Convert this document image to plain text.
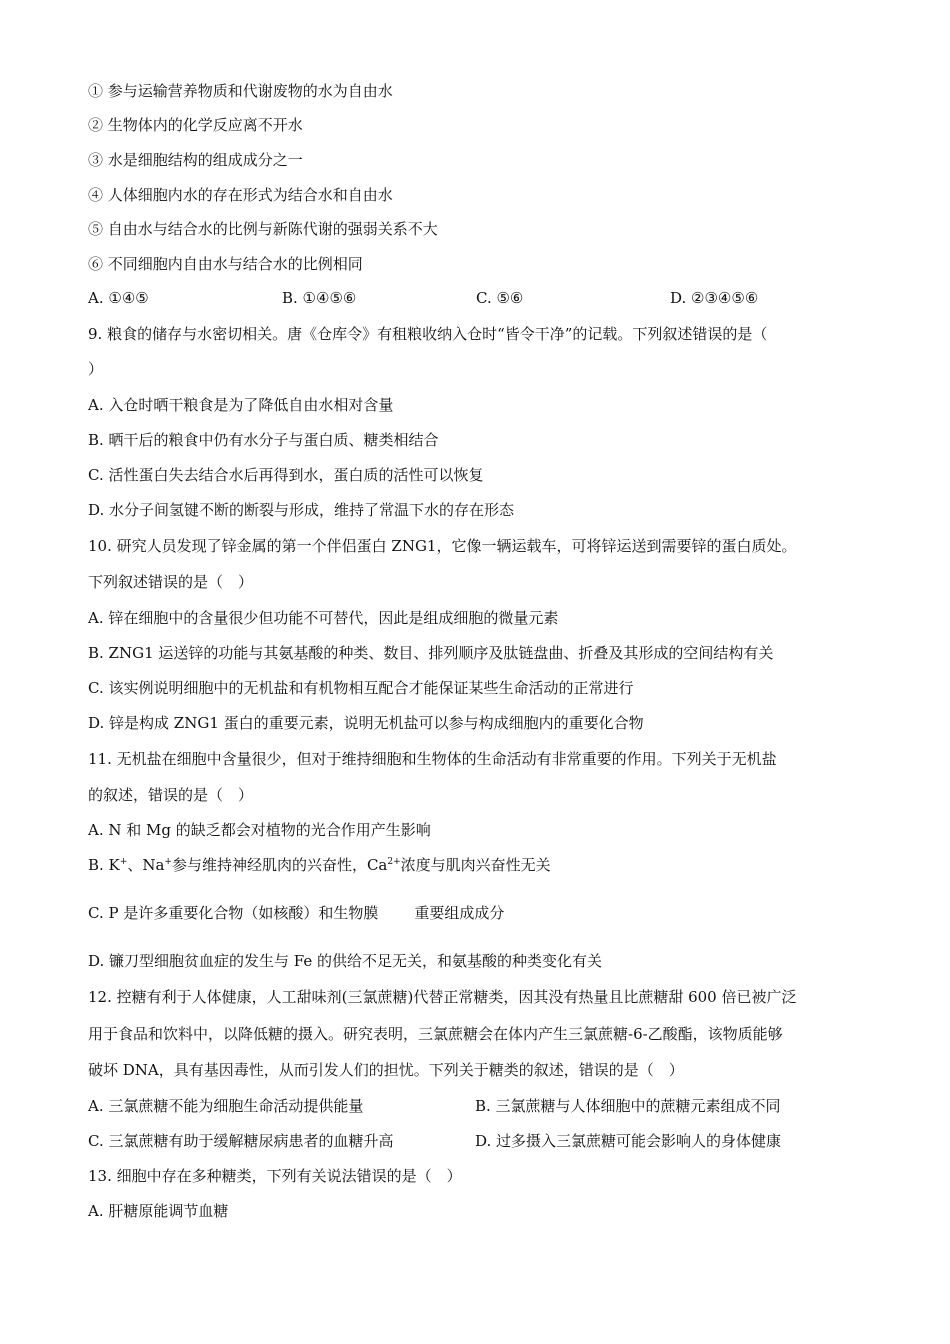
① 参与运输营养物质和代谢废物的水为自由水
② 生物体内的化学反应离不开水
③ 水是细胞结构的组成成分之一
④ 人体细胞内水的存在形式为结合水和自由水
⑤ 自由水与结合水的比例与新陈代谢的强弱关系不大
⑥ 不同细胞内自由水与结合水的比例相同
A. ①④⑤	B. ①④⑤⑥	C. ⑤⑥	D. ②③④⑤⑥
9. 粮食的储存与水密切相关。唐《仓库令》有租粮收纳入仓时“皆令干净”的记载。下列叙述错误的是（
）
A. 入仓时晒干粮食是为了降低自由水相对含量
B. 晒干后的粮食中仍有水分子与蛋白质、糖类相结合
C. 活性蛋白失去结合水后再得到水，蛋白质的活性可以恢复
D. 水分子间氢键不断的断裂与形成，维持了常温下水的存在形态
10. 研究人员发现了锌金属的第一个伴侣蛋白 ZNG1，它像一辆运载车，可将锌运送到需要锌的蛋白质处。
下列叙述错误的是（　）
A. 锌在细胞中的含量很少但功能不可替代，因此是组成细胞的微量元素
B. ZNG1 运送锌的功能与其氨基酸的种类、数目、排列顺序及肽链盘曲、折叠及其形成的空间结构有关
C. 该实例说明细胞中的无机盐和有机物相互配合才能保证某些生命活动的正常进行
D. 锌是构成 ZNG1 蛋白的重要元素，说明无机盐可以参与构成细胞内的重要化合物
11. 无机盐在细胞中含量很少，但对于维持细胞和生物体的生命活动有非常重要的作用。下列关于无机盐
的叙述，错误的是（　）
A. N 和 Mg 的缺乏都会对植物的光合作用产生影响
B. K+、Na+参与维持神经肌肉的兴奋性，$Ca^{2+}$浓度与肌肉兴奋性无关
C. P 是许多重要化合物（如核酸）和生物膜 重要组成成分
D. 镰刀型细胞贫血症的发生与 Fe 的供给不足无关，和氨基酸的种类变化有关
12. 控糖有利于人体健康，人工甜味剂(三氯蔗糖)代替正常糖类，因其没有热量且比蔗糖甜 600 倍已被广泛
用于食品和饮料中，以降低糖的摄入。研究表明，三氯蔗糖会在体内产生三氯蔗糖-6-乙酸酯，该物质能够
破坏 DNA，具有基因毒性，从而引发人们的担忧。下列关于糖类的叙述，错误的是（　）
A. 三氯蔗糖不能为细胞生命活动提供能量	B. 三氯蔗糖与人体细胞中的蔗糖元素组成不同
C. 三氯蔗糖有助于缓解糖尿病患者的血糖升高	D. 过多摄入三氯蔗糖可能会影响人的身体健康
13. 细胞中存在多种糖类，下列有关说法错误的是（　）
A. 肝糖原能调节血糖
